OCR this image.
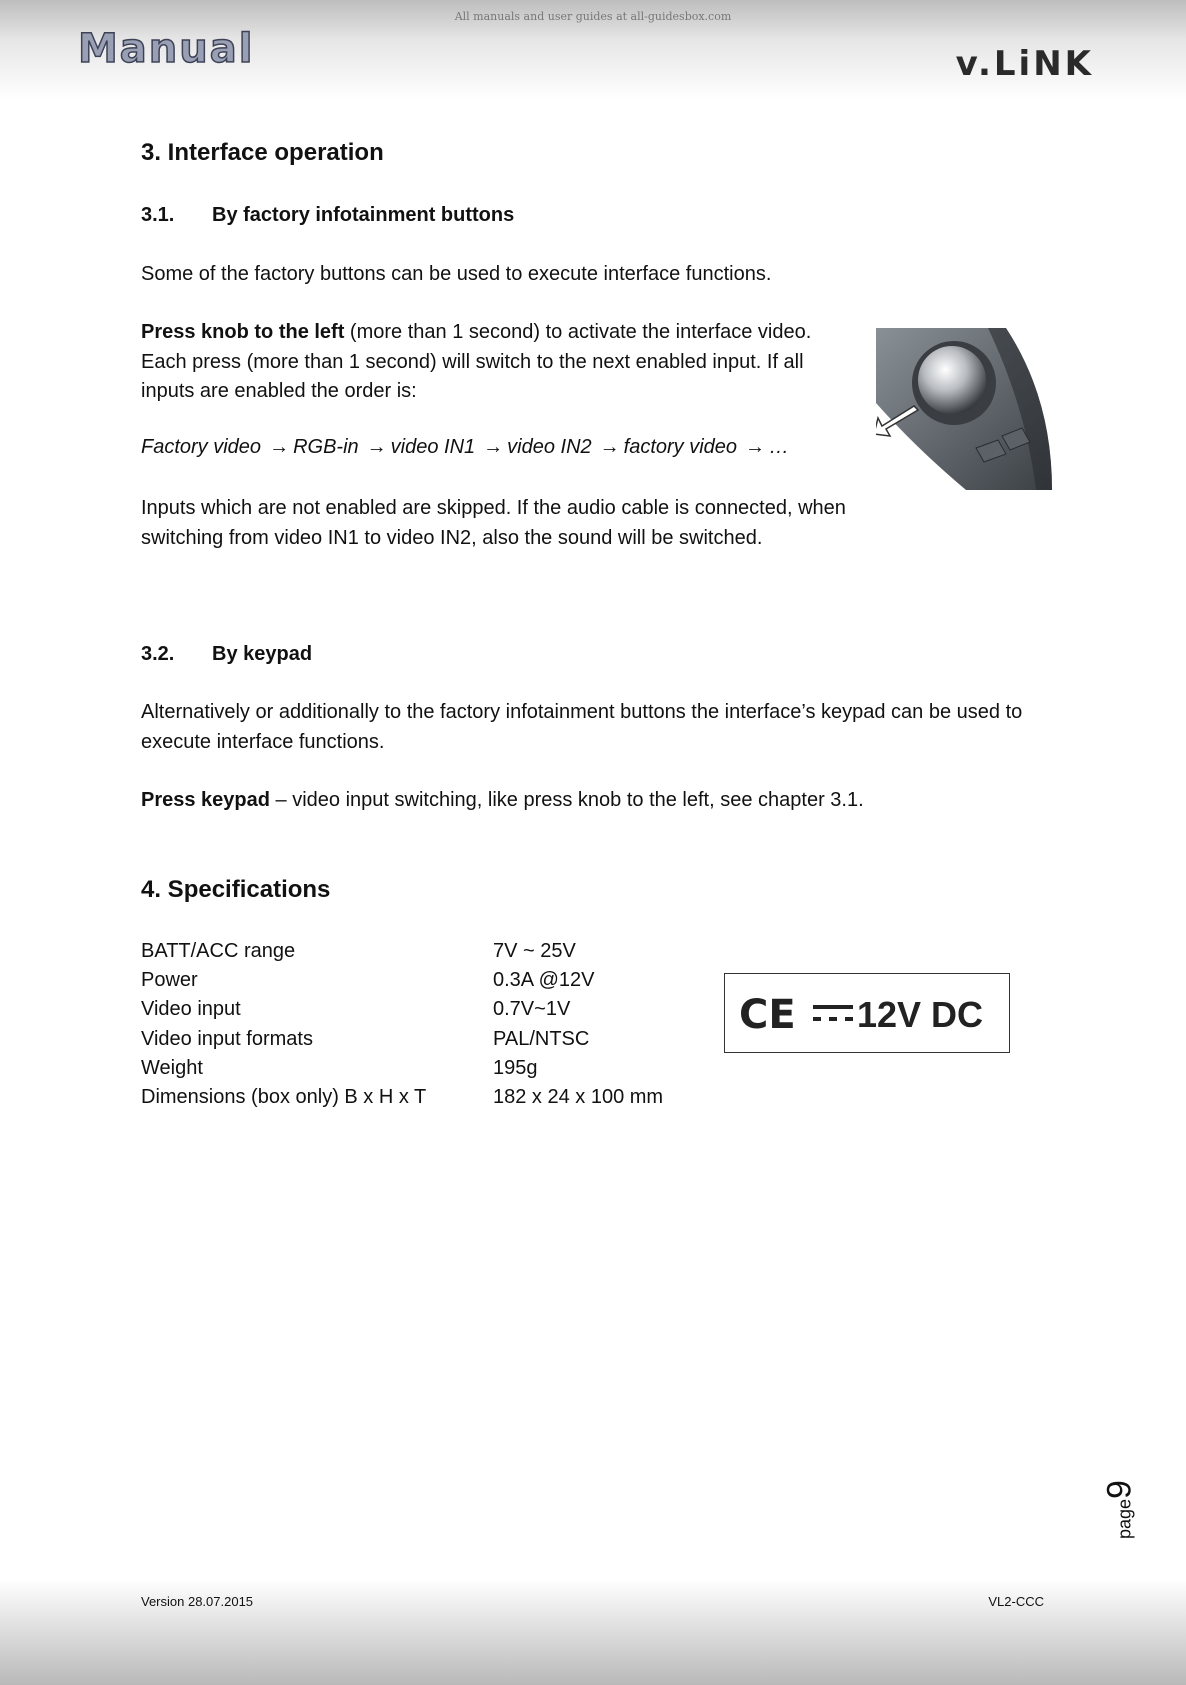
All manuals and user guides at all-guidesbox.com
Manual	v.LiNK
3. Interface operation
3.1. By factory infotainment buttons
Some of the factory buttons can be used to execute interface functions.
Press knob to the left (more than 1 second) to activate the interface video. Each press (more than 1 second) will switch to the next enabled input. If all inputs are enabled the order is:
Factory video → RGB-in → video IN1 → video IN2 → factory video → …
Inputs which are not enabled are skipped. If the audio cable is connected, when switching from video IN1 to video IN2, also the sound will be switched.
3.2. By keypad
Alternatively or additionally to the factory infotainment buttons the interface’s keypad can be used to execute interface functions.
Press keypad – video input switching, like press knob to the left, see chapter 3.1.
4. Specifications
BATT/ACC range	7V ~ 25V
Power	0.3A @12V
Video input	0.7V~1V
Video input formats	PAL/NTSC
Weight	195g
Dimensions (box only) B x H x T	182 x 24 x 100 mm
CE 12V DC
page9
Version 28.07.2015	VL2-CCC
